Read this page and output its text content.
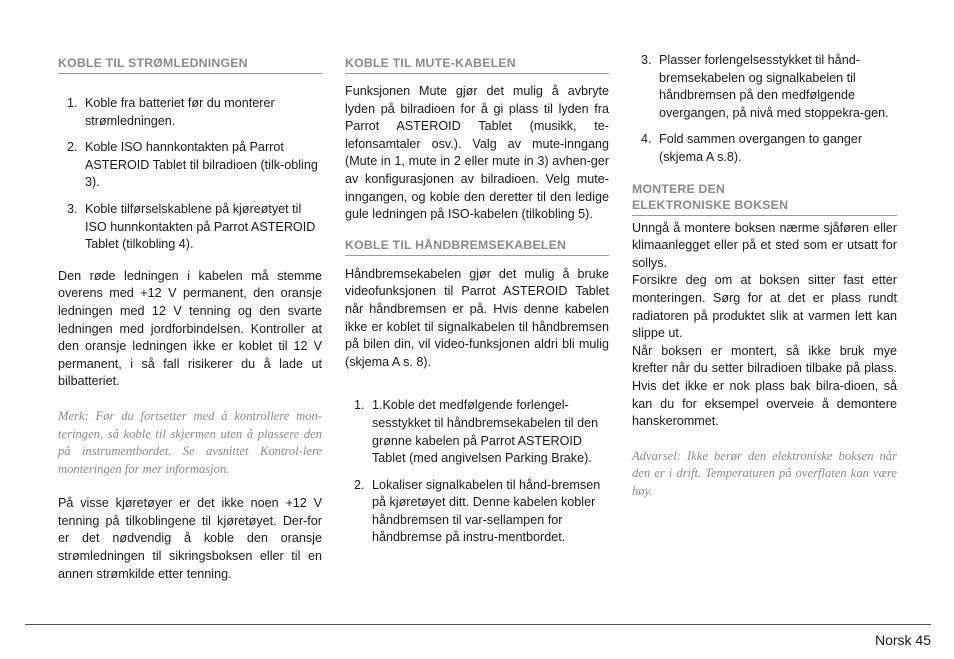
KOBLE TIL STRØMLEDNINGEN
1. Koble fra batteriet før du monterer strømledningen.
2. Koble ISO hannkontakten på Parrot ASTEROID Tablet til bilradioen (tilk-obling 3).
3. Koble tilførselskablene på kjøreøtyet til ISO hunnkontakten på Parrot ASTEROID Tablet (tilkobling 4).

Den røde ledningen i kabelen må stemme overens med +12 V permanent, den oransje ledningen med 12 V tenning og den svarte ledningen med jordforbindelsen. Kontroller at den oransje ledningen ikke er koblet til 12 V permanent, i så fall risikerer du å lade ut bilbatteriet.

Merk: Før du fortsetter med å kontrollere mon-teringen, så koble til skjermen uten å plassere den på instrumentbordet. Se avsnittet Kontrol-lere monteringen for mer informasjon.

På visse kjøretøyer er det ikke noen +12 V tenning på tilkoblingene til kjøretøyet. Der-for er det nødvendig å koble den oransje strømledningen til sikringsboksen eller til en annen strømkilde etter tenning.

KOBLE TIL MUTE-KABELEN

Funksjonen Mute gjør det mulig å avbryte lyden på bilradioen for å gi plass til lyden fra Parrot ASTEROID Tablet (musikk, te-lefonsamtaler osv.). Valg av mute-inngang (Mute in 1, mute in 2 eller mute in 3) avhen-ger av konfigurasjonen av bilradioen. Velg mute-inngangen, og koble den deretter til den ledige gule ledningen på ISO-kabelen (tilkobling 5).

KOBLE TIL HÅNDBREMSEKABELEN

Håndbremsekabelen gjør det mulig å bruke videofunksjonen til Parrot ASTEROID Tablet når håndbremsen er på. Hvis denne kabelen ikke er koblet til signalkabelen til håndbremsen på bilen din, vil video-funksjonen aldri bli mulig (skjema A s. 8).

1. 1.Koble det medfølgende forlengel-sesstykket til håndbremsekabelen til den grønne kabelen på Parrot ASTEROID Tablet (med angivelsen Parking Brake).
2. Lokaliser signalkabelen til hånd-bremsen på kjøretøyet ditt. Denne kabelen kobler håndbremsen til var-sellampen for håndbremse på instru-mentbordet.
3. Plasser forlengelsesstykket til hånd-bremsekabelen og signalkabelen til håndbremsen på den medfølgende overgangen, på nivå med stoppekra-gen.
4. Fold sammen overgangen to ganger (skjema A s.8).
MONTERE DEN
ELEKTRONISKE BOKSEN

Unngå å montere boksen nærme sjåføren eller klimaanlegget eller på et sted som er utsatt for sollys.

Forsikre deg om at boksen sitter fast etter monteringen. Sørg for at det er plass rundt radiatoren på produktet slik at varmen lett kan slippe ut.

Når boksen er montert, så ikke bruk mye krefter når du setter bilradioen tilbake på plass. Hvis det ikke er nok plass bak bilra-dioen, så kan du for eksempel overveie å demontere hanskerommet.

Advarsel: Ikke berør den elektroniske boksen når den er i drift. Temperaturen på overflaten kan være høy.

Norsk 45
